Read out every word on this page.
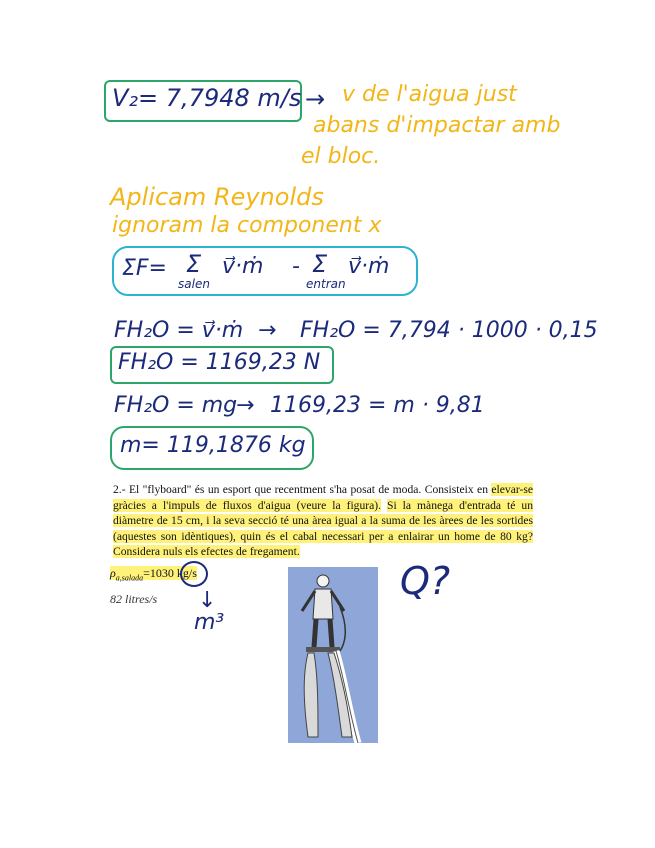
V₂= 7,7948 m/s → v de l'aigua just
abans d'impactar amb
el bloc.
Aplicam Reynolds
ignoram la component x
ΣF= Σ v⃗·ṁ
salen
- Σ v⃗·ṁ
entran
FH₂O = v⃗·ṁ → FH₂O = 7,794 · 1000 · 0,15
FH₂O = 1169,23 N
FH₂O = mg
→ 1169,23 = m · 9,81
m= 119,1876 kg
2.- El "flyboard" és un esport que recentment s'ha posat de moda. Consisteix en elevar-se gràcies a l'impuls de fluxos d'aigua (veure la figura). Si la mànega d'entrada té un diàmetre de 15 cm, i la seva secció té una àrea igual a la suma de les àrees de les sortides (aquestes son idèntiques), quin és el cabal necessari per a enlairar un home de 80 kg? Considera nuls els efectes de fregament.
$\rho_{a,salada}=1030$ kg/s
82 litres/s ↓
m³
Q?
